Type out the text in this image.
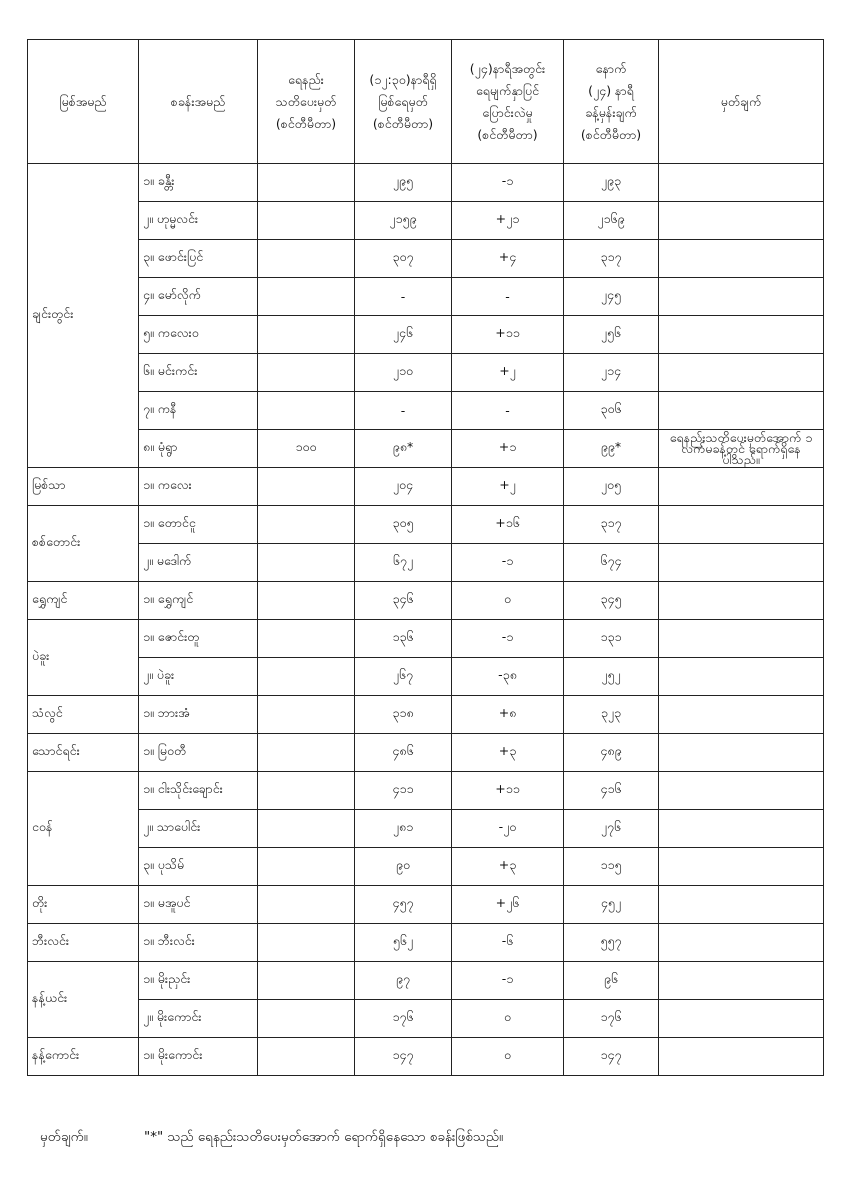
မြစ်အမည်	စခန်းအမည်	ရေနည်း
သတိပေးမှတ်
(စင်တီမီတာ)	(၁၂:၃၀)နာရီရှိ
မြစ်ရေမှတ်
(စင်တီမီတာ)	(၂၄)နာရီအတွင်း
ရေမျက်နှာပြင်
ပြောင်းလဲမှု
(စင်တီမီတာ)	နောက်
(၂၄) နာရီ
ခန့်မှန်းချက်
(စင်တီမီတာ)	မှတ်ချက်
ချင်းတွင်း	၁။ ခန္တီး		၂၉၅	-၁	၂၉၃	
	၂။ ဟုမ္မလင်း		၂၁၅၉	+၂၁	၂၁၆၉	
	၃။ ဖောင်းပြင်		၃၀၇	+၄	၃၁၇	
	၄။ မော်လိုက်		-	-	၂၄၅	
	၅။ ကလေးဝ		၂၄၆	+၁၁	၂၅၆	
	၆။ မင်းကင်း		၂၁၀	+၂	၂၁၄	
	၇။ ကနီ		-	-	၃၀၆	
	၈။ မုံရွာ	၁၀၀	၉၈*	+၁	၉၉*	ရေနည်းသတိပေးမှတ်အောက် ၁ လက်မခန့်တွင် ရောက်ရှိနေပါသည်။
မြစ်သာ	၁။ ကလေး		၂၀၄	+၂	၂၀၅	
စစ်တောင်း	၁။ တောင်ငူ		၃၀၅	+၁၆	၃၁၇	
	၂။ မဒေါက်		၆၇၂	-၁	၆၇၄	
ရွှေကျင်	၁။ ရွှေကျင်		၃၄၆	၀	၃၄၅	
ပဲခူး	၁။ ဇောင်းတူ		၁၃၆	-၁	၁၃၁	
	၂။ ပဲခူး		၂၆၇	-၃၈	၂၅၂	
သံလွင်	၁။ ဘားအံ		၃၁၈	+၈	၃၂၃	
သောင်ရင်း	၁။ မြဝတီ		၄၈၆	+၃	၄၈၉	
ငဝန်	၁။ ငါးသိုင်းချောင်း		၄၁၁	+၁၁	၄၁၆	
	၂။ သာပေါင်း		၂၈၁	-၂၀	၂၇၆	
	၃။ ပုသိမ်		၉၀	+၃	၁၁၅	
တိုး	၁။ မအူပင်		၄၅၇	+၂၆	၄၅၂	
ဘီးလင်း	၁။ ဘီးလင်း		၅၆၂	-၆	၅၅၇	
နန့်ယင်း	၁။ မိုးညှင်း		၉၇	-၁	၉၆	
	၂။ မိုးကောင်း		၁၇၆	၀	၁၇၆	
နန့်ကောင်း	၁။ မိုးကောင်း		၁၄၇	၀	၁၄၇	
မှတ်ချက်။	"*" သည် ရေနည်းသတိပေးမှတ်အောက် ရောက်ရှိနေသော စခန်းဖြစ်သည်။
